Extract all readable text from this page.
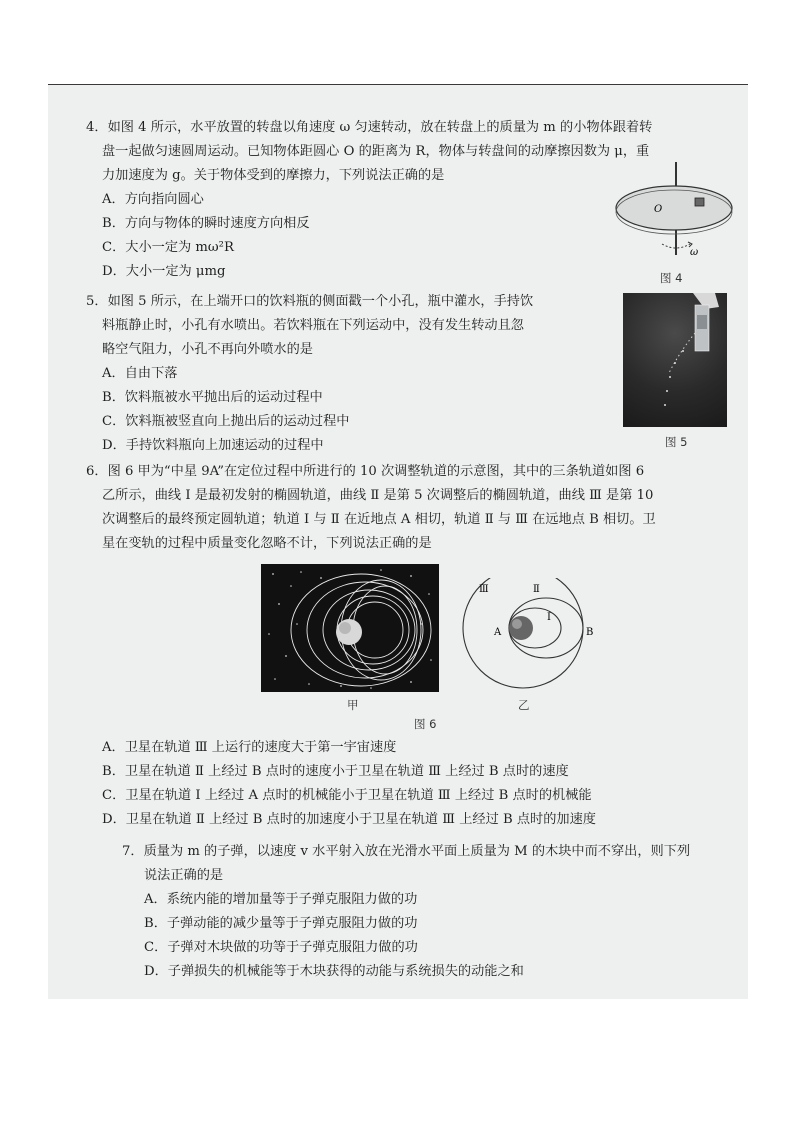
4．如图 4 所示，水平放置的转盘以角速度 ω 匀速转动，放在转盘上的质量为 m 的小物体跟着转
盘一起做匀速圆周运动。已知物体距圆心 O 的距离为 R，物体与转盘间的动摩擦因数为 μ，重
力加速度为 g。关于物体受到的摩擦力，下列说法正确的是
A．方向指向圆心
B．方向与物体的瞬时速度方向相反
C．大小一定为 mω²R
D．大小一定为 μmg
O
ω
图 4
5．如图 5 所示，在上端开口的饮料瓶的侧面戳一个小孔，瓶中灌水，手持饮
料瓶静止时，小孔有水喷出。若饮料瓶在下列运动中，没有发生转动且忽
略空气阻力，小孔不再向外喷水的是
A．自由下落
B．饮料瓶被水平抛出后的运动过程中
C．饮料瓶被竖直向上抛出后的运动过程中
D．手持饮料瓶向上加速运动的过程中	图 5
6．图 6 甲为“中星 9A”在定位过程中所进行的 10 次调整轨道的示意图，其中的三条轨道如图 6
乙所示，曲线 Ⅰ 是最初发射的椭圆轨道，曲线 Ⅱ 是第 5 次调整后的椭圆轨道，曲线 Ⅲ 是第 10
次调整后的最终预定圆轨道；轨道 Ⅰ 与 Ⅱ 在近地点 A 相切，轨道 Ⅱ 与 Ⅲ 在远地点 B 相切。卫
星在变轨的过程中质量变化忽略不计，下列说法正确的是
甲
Ⅲ	Ⅱ
Ⅰ
A	B
乙
图 6
A．卫星在轨道 Ⅲ 上运行的速度大于第一宇宙速度
B．卫星在轨道 Ⅱ 上经过 B 点时的速度小于卫星在轨道 Ⅲ 上经过 B 点时的速度
C．卫星在轨道 Ⅰ 上经过 A 点时的机械能小于卫星在轨道 Ⅲ 上经过 B 点时的机械能
D．卫星在轨道 Ⅱ 上经过 B 点时的加速度小于卫星在轨道 Ⅲ 上经过 B 点时的加速度
7．质量为 m 的子弹，以速度 v 水平射入放在光滑水平面上质量为 M 的木块中而不穿出，则下列
说法正确的是
A．系统内能的增加量等于子弹克服阻力做的功
B．子弹动能的减少量等于子弹克服阻力做的功
C．子弹对木块做的功等于子弹克服阻力做的功
D．子弹损失的机械能等于木块获得的动能与系统损失的动能之和
